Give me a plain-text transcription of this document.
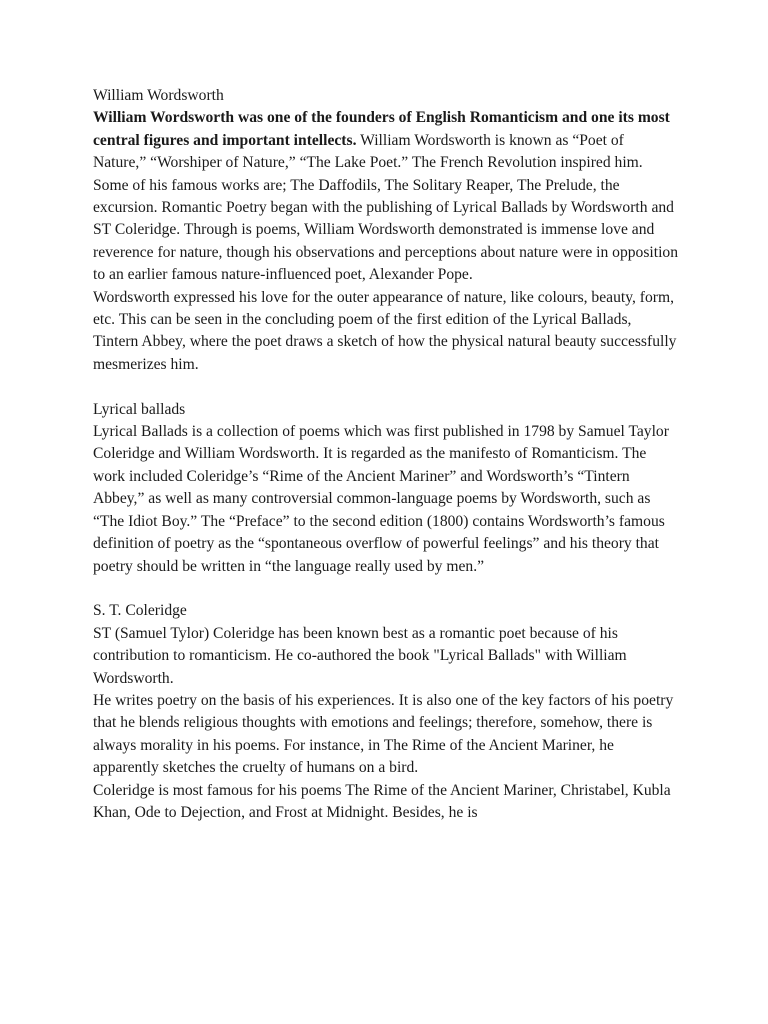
William Wordsworth

William Wordsworth was one of the founders of English Romanticism and one its most central figures and important intellects. William Wordsworth is known as “Poet of Nature,” “Worshiper of Nature,” “The Lake Poet.” The French Revolution inspired him. Some of his famous works are; The Daffodils, The Solitary Reaper, The Prelude, the excursion. Romantic Poetry began with the publishing of Lyrical Ballads by Wordsworth and ST Coleridge. Through is poems, William Wordsworth demonstrated is immense love and reverence for nature, though his observations and perceptions about nature were in opposition to an earlier famous nature-influenced poet, Alexander Pope.

Wordsworth expressed his love for the outer appearance of nature, like colours, beauty, form, etc. This can be seen in the concluding poem of the first edition of the Lyrical Ballads, Tintern Abbey, where the poet draws a sketch of how the physical natural beauty successfully mesmerizes him.

Lyrical ballads

Lyrical Ballads is a collection of poems which was first published in 1798 by Samuel Taylor Coleridge and William Wordsworth. It is regarded as the manifesto of Romanticism. The work included Coleridge’s “Rime of the Ancient Mariner” and Wordsworth’s “Tintern Abbey,” as well as many controversial common-language poems by Wordsworth, such as “The Idiot Boy.” The “Preface” to the second edition (1800) contains Wordsworth’s famous definition of poetry as the “spontaneous overflow of powerful feelings” and his theory that poetry should be written in “the language really used by men.”

S. T. Coleridge

ST (Samuel Tylor) Coleridge has been known best as a romantic poet because of his contribution to romanticism. He co-authored the book "Lyrical Ballads" with William Wordsworth.

He writes poetry on the basis of his experiences. It is also one of the key factors of his poetry that he blends religious thoughts with emotions and feelings; therefore, somehow, there is always morality in his poems. For instance, in The Rime of the Ancient Mariner, he apparently sketches the cruelty of humans on a bird.

Coleridge is most famous for his poems The Rime of the Ancient Mariner, Christabel, Kubla Khan, Ode to Dejection, and Frost at Midnight. Besides, he is
